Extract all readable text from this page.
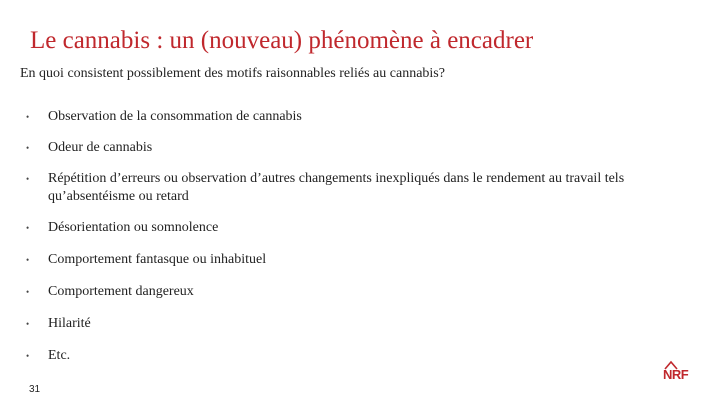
Le cannabis : un (nouveau) phénomène à encadrer
En quoi consistent possiblement des motifs raisonnables reliés au cannabis?
•	Observation de la consommation de cannabis
•	Odeur de cannabis
•	Répétition d’erreurs ou observation d’autres changements inexpliqués dans le rendement au travail tels qu’absentéisme ou retard
•	Désorientation ou somnolence
•	Comportement fantasque ou inhabituel
•	Comportement dangereux
•	Hilarité
•	Etc.
31
NRF
